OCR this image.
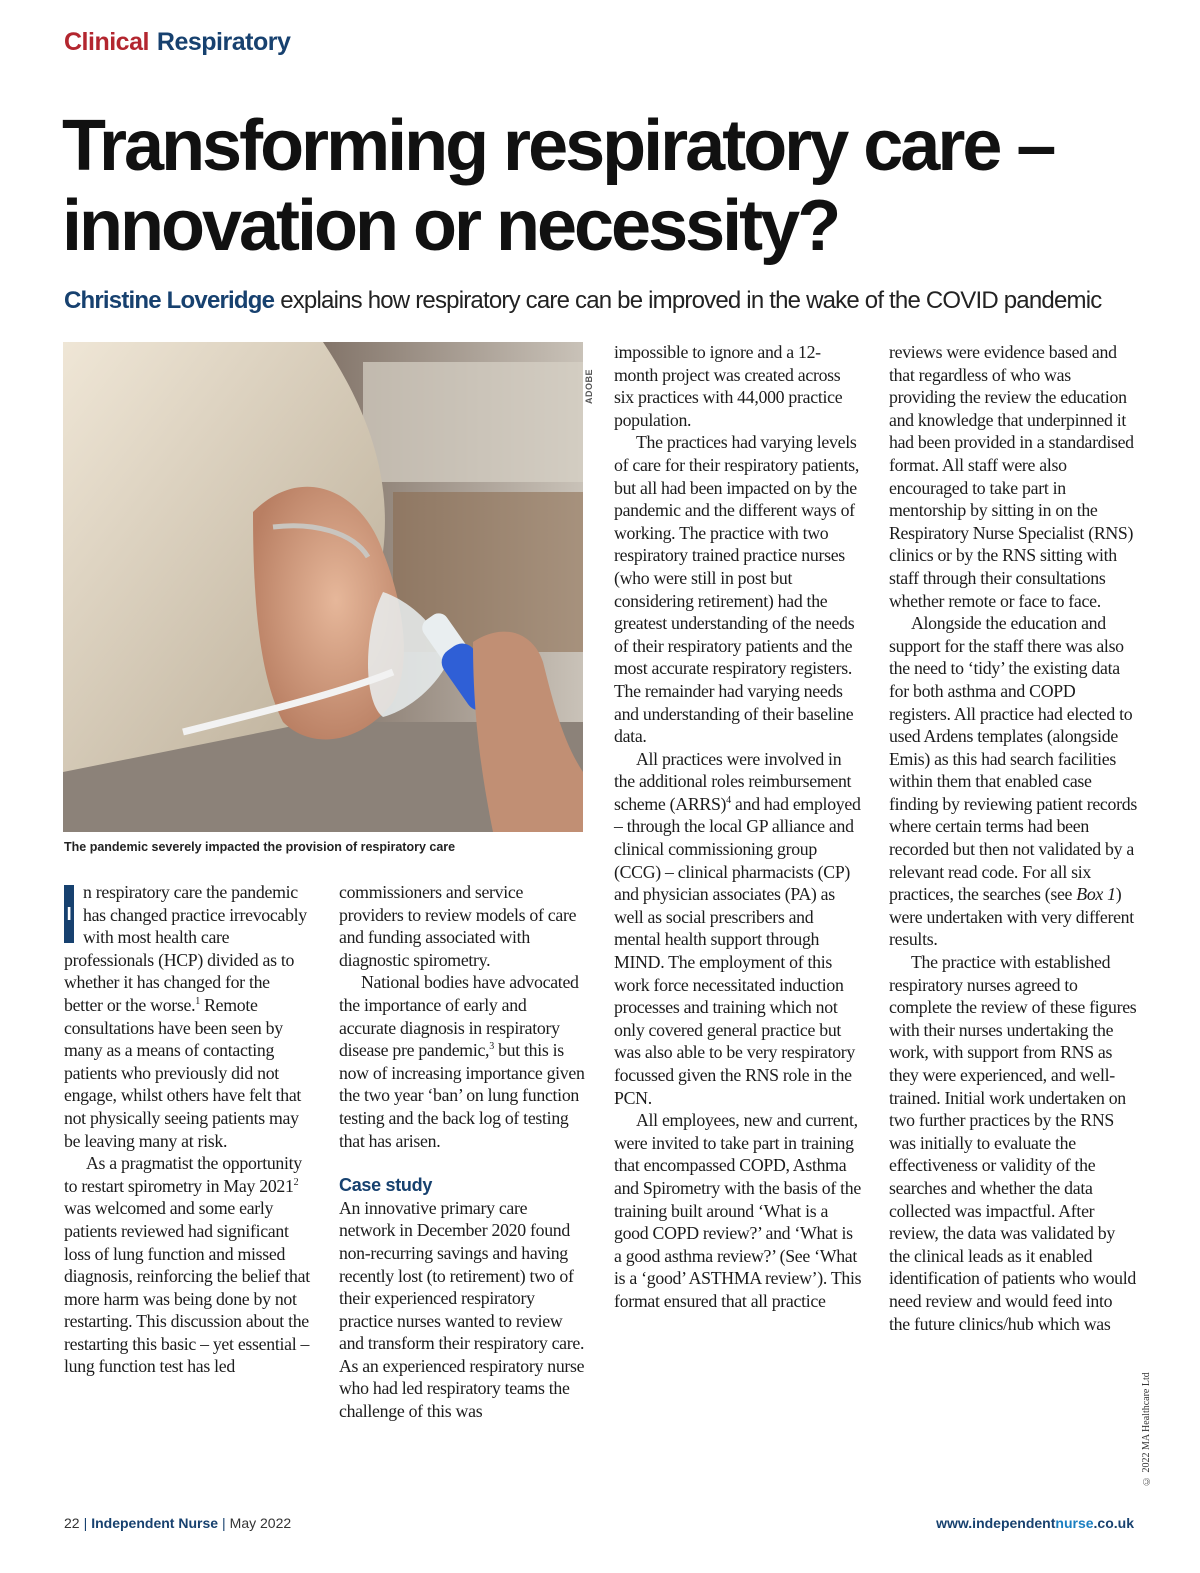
Clinical Respiratory
Transforming respiratory care – innovation or necessity?
Christine Loveridge explains how respiratory care can be improved in the wake of the COVID pandemic
ADOBE
The pandemic severely impacted the provision of respiratory care

I
n respiratory care the pandemic has changed practice irrevocably with most health care professionals (HCP) divided as to whether it has changed for the better or the worse.$^1$ Remote consultations have been seen by many as a means of contacting patients who previously did not engage, whilst others have felt that not physically seeing patients may be leaving many at risk.

As a pragmatist the opportunity to restart spirometry in May 2021$^2$ was welcomed and some early patients reviewed had significant loss of lung function and missed diagnosis, reinforcing the belief that more harm was being done by not restarting. This discussion about the restarting this basic – yet essential – lung function test has led

commissioners and service providers to review models of care and funding associated with diagnostic spirometry.

National bodies have advocated the importance of early and accurate diagnosis in respiratory disease pre pandemic,$^3$ but this is now of increasing importance given the two year ‘ban’ on lung function testing and the back log of testing that has arisen.

Case study

An innovative primary care network in December 2020 found non-recurring savings and having recently lost (to retirement) two of their experienced respiratory practice nurses wanted to review and transform their respiratory care. As an experienced respiratory nurse who had led respiratory teams the challenge of this was

impossible to ignore and a 12-month project was created across six practices with 44,000 practice population.

The practices had varying levels of care for their respiratory patients, but all had been impacted on by the pandemic and the different ways of working. The practice with two respiratory trained practice nurses (who were still in post but considering retirement) had the greatest understanding of the needs of their respiratory patients and the most accurate respiratory registers. The remainder had varying needs and understanding of their baseline data.

All practices were involved in the additional roles reimbursement scheme (ARRS)$^4$ and had employed – through the local GP alliance and clinical commissioning group (CCG) – clinical pharmacists (CP) and physician associates (PA) as well as social prescribers and mental health support through MIND. The employment of this work force necessitated induction processes and training which not only covered general practice but was also able to be very respiratory focussed given the RNS role in the PCN.

All employees, new and current, were invited to take part in training that encompassed COPD, Asthma and Spirometry with the basis of the training built around ‘What is a good COPD review?’ and ‘What is a good asthma review?’ (See ‘What is a ‘good’ ASTHMA review’). This format ensured that all practice

reviews were evidence based and that regardless of who was providing the review the education and knowledge that underpinned it had been provided in a standardised format. All staff were also encouraged to take part in mentorship by sitting in on the Respiratory Nurse Specialist (RNS) clinics or by the RNS sitting with staff through their consultations whether remote or face to face.

Alongside the education and support for the staff there was also the need to ‘tidy’ the existing data for both asthma and COPD registers. All practice had elected to used Ardens templates (alongside Emis) as this had search facilities within them that enabled case finding by reviewing patient records where certain terms had been recorded but then not validated by a relevant read code. For all six practices, the searches (see Box 1) were undertaken with very different results.

The practice with established respiratory nurses agreed to complete the review of these figures with their nurses undertaking the work, with support from RNS as they were experienced, and well-trained. Initial work undertaken on two further practices by the RNS was initially to evaluate the effectiveness or validity of the searches and whether the data collected was impactful. After review, the data was validated by the clinical leads as it enabled identification of patients who would need review and would feed into the future clinics/hub which was

© 2022 MA Healthcare Ltd
22 | Independent Nurse | May 2022	www.independentnurse.co.uk
